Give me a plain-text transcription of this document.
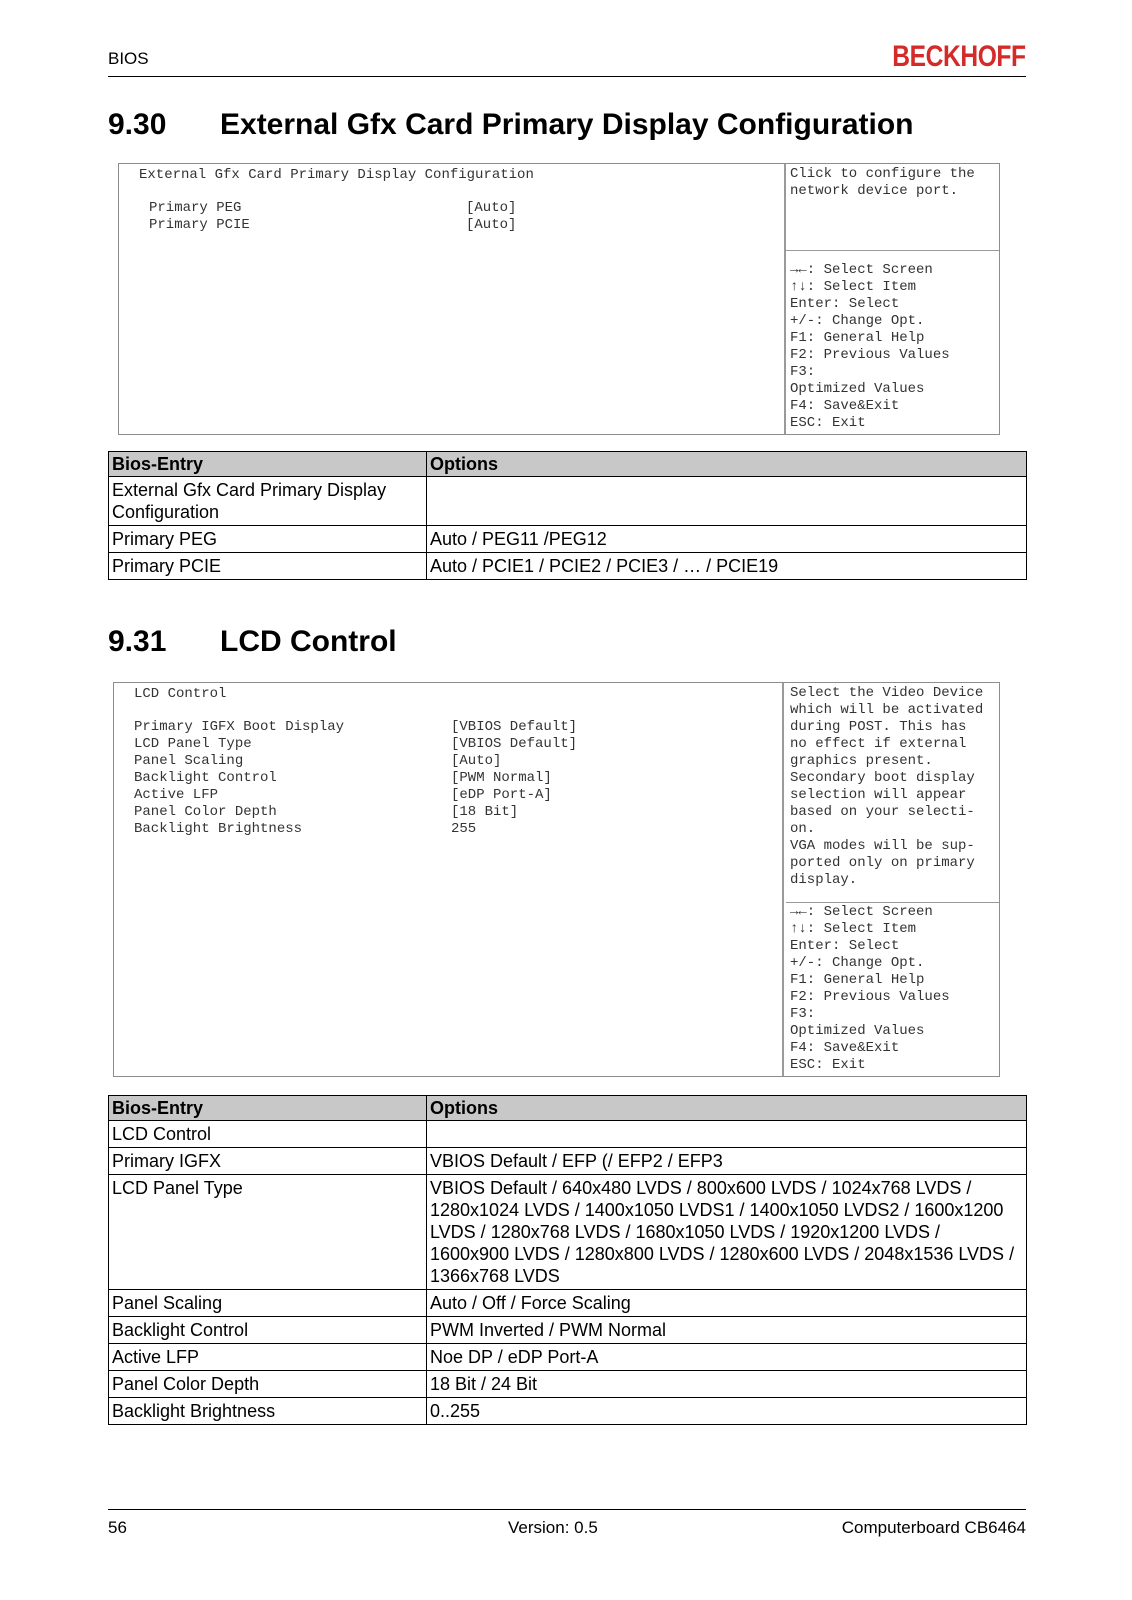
BIOS	BECKHOFF
9.30 External Gfx Card Primary Display Configuration
External Gfx Card Primary Display Configuration
Primary PEG	[Auto]
Primary PCIE	[Auto]
Click to configure the
network device port.
→←: Select Screen
↑↓: Select Item
Enter: Select
+/-: Change Opt.
F1: General Help
F2: Previous Values
F3:
Optimized Values
F4: Save&Exit
ESC: Exit
Bios-Entry	Options
External Gfx Card Primary Display Configuration	
Primary PEG	Auto / PEG11 /PEG12
Primary PCIE	Auto / PCIE1 / PCIE2 / PCIE3 / … / PCIE19
9.31 LCD Control
LCD Control
Primary IGFX Boot Display	[VBIOS Default]
LCD Panel Type	[VBIOS Default]
Panel Scaling	[Auto]
Backlight Control	[PWM Normal]
Active LFP	[eDP Port-A]
Panel Color Depth	[18 Bit]
Backlight Brightness	255
Select the Video Device
which will be activated
during POST. This has
no effect if external
graphics present.
Secondary boot display
selection will appear
based on your selecti-
on.
VGA modes will be sup-
ported only on primary
display.
→←: Select Screen
↑↓: Select Item
Enter: Select
+/-: Change Opt.
F1: General Help
F2: Previous Values
F3:
Optimized Values
F4: Save&Exit
ESC: Exit
Bios-Entry	Options
LCD Control	
Primary IGFX	VBIOS Default / EFP (/ EFP2 / EFP3
LCD Panel Type	VBIOS Default / 640x480 LVDS / 800x600 LVDS / 1024x768 LVDS / 1280x1024 LVDS / 1400x1050 LVDS1 / 1400x1050 LVDS2 / 1600x1200 LVDS / 1280x768 LVDS / 1680x1050 LVDS / 1920x1200 LVDS / 1600x900 LVDS / 1280x800 LVDS / 1280x600 LVDS / 2048x1536 LVDS / 1366x768 LVDS
Panel Scaling	Auto / Off / Force Scaling
Backlight Control	PWM Inverted / PWM Normal
Active LFP	Noe DP / eDP Port-A
Panel Color Depth	18 Bit / 24 Bit
Backlight Brightness	0..255
56	Version: 0.5	Computerboard CB6464
